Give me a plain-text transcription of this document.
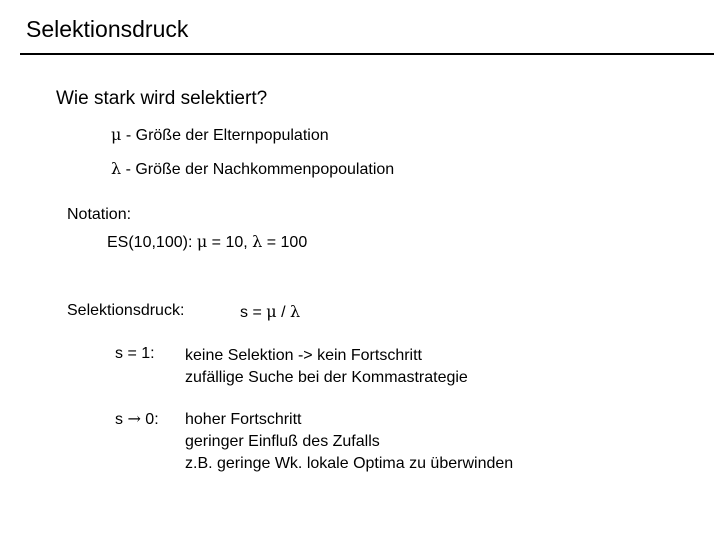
Selektionsdruck
Wie stark wird selektiert?
μ - Größe der Elternpopulation
λ - Größe der Nachkommenpopoulation
Notation:
ES(10,100): μ = 10, λ = 100
Selektionsdruck:	s = μ / λ
s = 1: keine Selektion -> kein Fortschritt
zufällige Suche bei der Kommastrategie
s → 0: hoher Fortschritt
geringer Einfluß des Zufalls
z.B. geringe Wk. lokale Optima zu überwinden
